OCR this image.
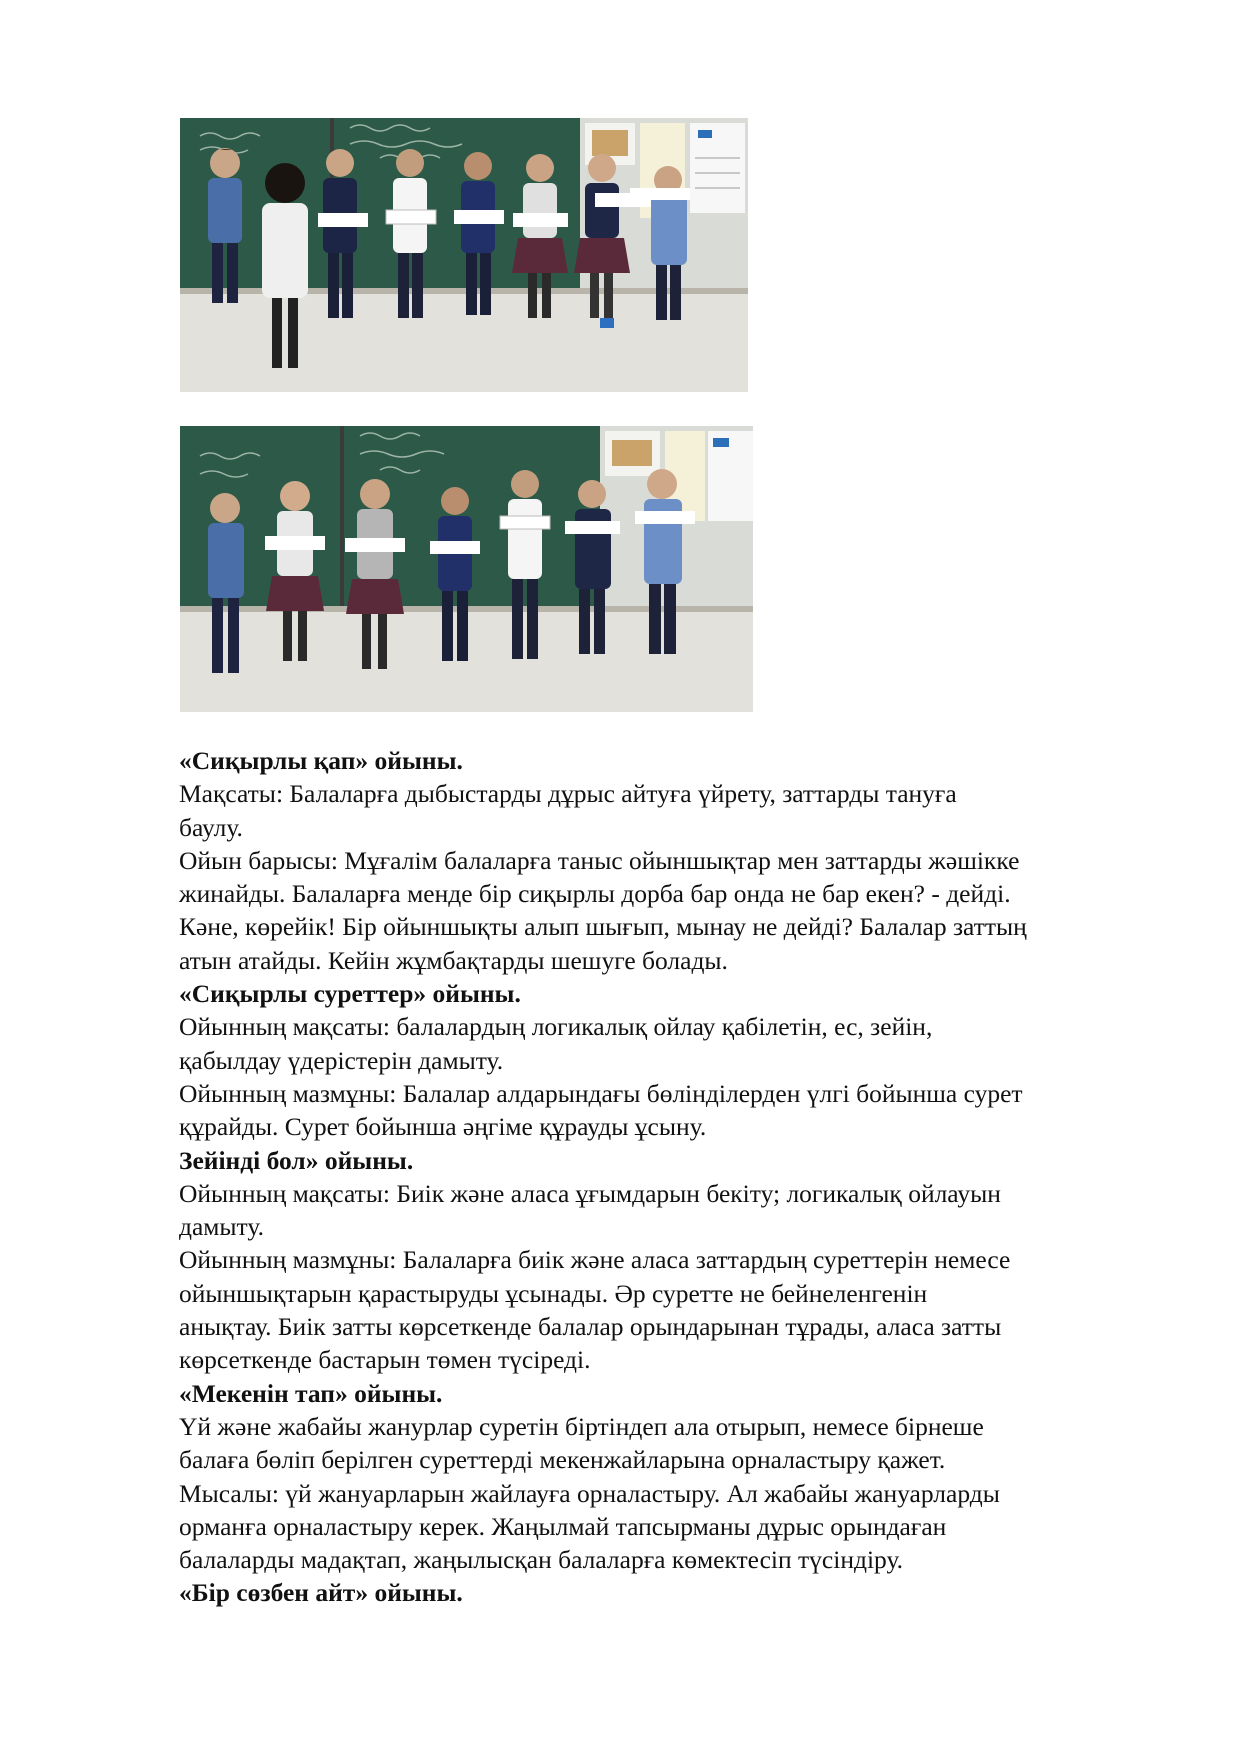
«Сиқырлы қап» ойыны.

Мақсаты: Балаларға дыбыстарды дұрыс айтуға үйрету, заттарды тануға

баулу.

Ойын барысы: Мұғалім балаларға таныс ойыншықтар мен заттарды жәшікке

жинайды. Балаларға менде бір сиқырлы дорба бар онда не бар екен? - дейді.

Кәне, көрейік! Бір ойыншықты алып шығып, мынау не дейді? Балалар заттың

атын атайды. Кейін жұмбақтарды шешуге болады.

«Сиқырлы суреттер» ойыны.

Ойынның мақсаты: балалардың логикалық ойлау қабілетін, ес, зейін,

қабылдау үдерістерін дамыту.

Ойынның мазмұны: Балалар алдарындағы бөлінділерден үлгі бойынша сурет

құрайды. Сурет бойынша әңгіме құрауды ұсыну.

Зейінді бол» ойыны.

Ойынның мақсаты: Биік және аласа ұғымдарын бекіту; логикалық ойлауын

дамыту.

Ойынның мазмұны: Балаларға биік және аласа заттардың суреттерін немесе

ойыншықтарын қарастыруды ұсынады. Әр суретте не бейнеленгенін

анықтау. Биік затты көрсеткенде балалар орындарынан тұрады, аласа затты

көрсеткенде бастарын төмен түсіреді.

«Мекенін тап» ойыны.

Үй және жабайы жанурлар суретін біртіндеп ала отырып, немесе бірнеше

балаға бөліп берілген суреттерді мекенжайларына орналастыру қажет.

Мысалы: үй жануарларын жайлауға орналастыру. Ал жабайы жануарларды

орманға орналастыру керек. Жаңылмай тапсырманы дұрыс орындаған

балаларды мадақтап, жаңылысқан балаларға көмектесіп түсіндіру.

«Бір сөзбен айт» ойыны.
